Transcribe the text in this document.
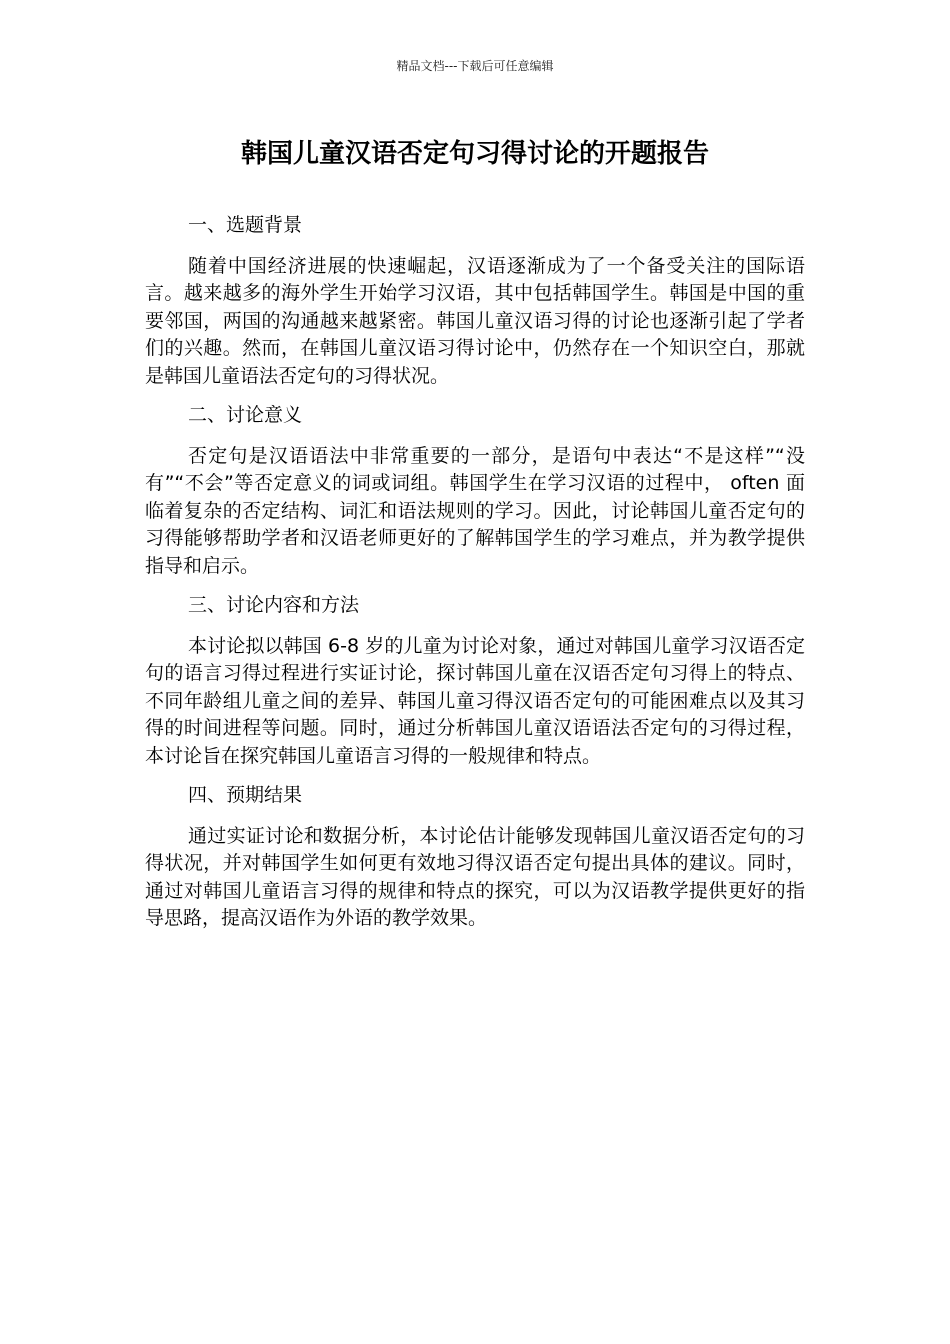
精品文档---下载后可任意编辑
韩国儿童汉语否定句习得讨论的开题报告

一、选题背景

随着中国经济进展的快速崛起，汉语逐渐成为了一个备受关注的国际语言。越来越多的海外学生开始学习汉语，其中包括韩国学生。韩国是中国的重要邻国，两国的沟通越来越紧密。韩国儿童汉语习得的讨论也逐渐引起了学者们的兴趣。然而，在韩国儿童汉语习得讨论中，仍然存在一个知识空白，那就是韩国儿童语法否定句的习得状况。

二、讨论意义

否定句是汉语语法中非常重要的一部分，是语句中表达“不是这样”“没有”“不会”等否定意义的词或词组。韩国学生在学习汉语的过程中， often 面临着复杂的否定结构、词汇和语法规则的学习。因此，讨论韩国儿童否定句的习得能够帮助学者和汉语老师更好的了解韩国学生的学习难点，并为教学提供指导和启示。

三、讨论内容和方法

本讨论拟以韩国 6-8 岁的儿童为讨论对象，通过对韩国儿童学习汉语否定句的语言习得过程进行实证讨论，探讨韩国儿童在汉语否定句习得上的特点、不同年龄组儿童之间的差异、韩国儿童习得汉语否定句的可能困难点以及其习得的时间进程等问题。同时，通过分析韩国儿童汉语语法否定句的习得过程，本讨论旨在探究韩国儿童语言习得的一般规律和特点。

四、预期结果

通过实证讨论和数据分析，本讨论估计能够发现韩国儿童汉语否定句的习得状况，并对韩国学生如何更有效地习得汉语否定句提出具体的建议。同时，通过对韩国儿童语言习得的规律和特点的探究，可以为汉语教学提供更好的指导思路，提高汉语作为外语的教学效果。
